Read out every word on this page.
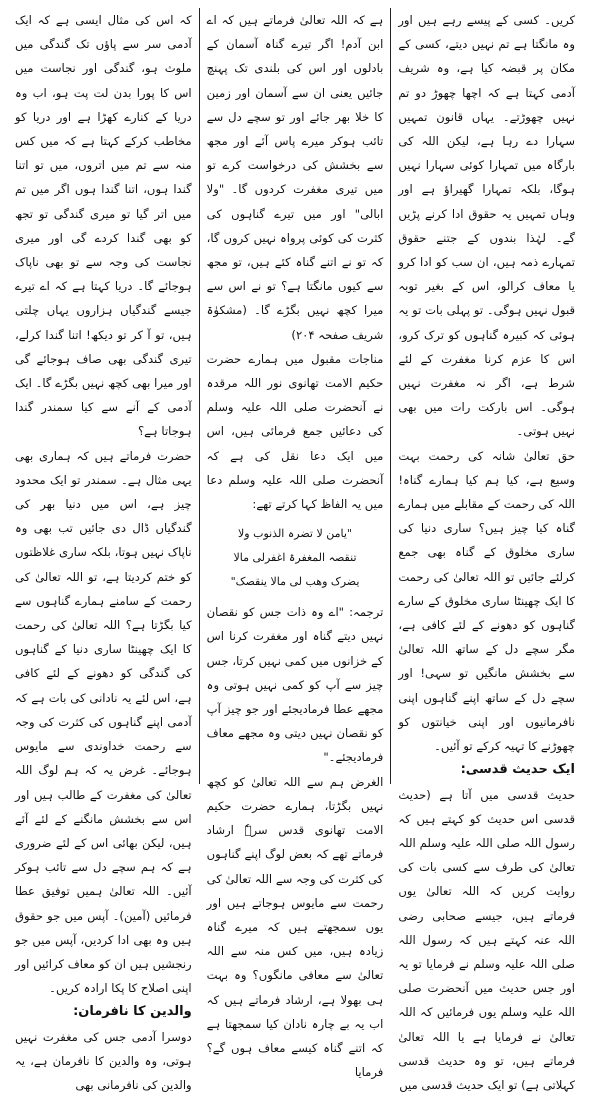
کریں۔ کسی کے پیسے رہے ہیں اور وہ مانگتا ہے تم نہیں دیتے، کسی کے مکان پر قبضہ کیا ہے، وہ شریف آدمی کہتا ہے کہ اچھا چھوڑ دو تم نہیں چھوڑتے۔ یہاں قانون تمہیں سہارا دے رہا ہے، لیکن اللہ کی بارگاہ میں تمہارا کوئی سہارا نہیں ہوگا، بلکہ تمہارا گھیراؤ ہے اور وہاں تمہیں یہ حقوق ادا کرنے پڑیں گے۔ لہٰذا بندوں کے جتنے حقوق تمہارے ذمہ ہیں، ان سب کو ادا کرو یا معاف کرالو، اس کے بغیر توبہ قبول نہیں ہوگی۔ تو پہلی بات تو یہ ہوئی کہ کبیرہ گناہوں کو ترک کرو، اس کا عزم کرنا مغفرت کے لئے شرط ہے، اگر نہ مغفرت نہیں ہوگی۔ اس بارکت رات میں بھی نہیں ہوتی۔

حق تعالیٰ شانہ کی رحمت بہت وسیع ہے، کیا ہم کیا ہمارے گناہ! اللہ کی رحمت کے مقابلے میں ہمارے گناہ کیا چیز ہیں؟ ساری دنیا کی ساری مخلوق کے گناہ بھی جمع کرلئے جائیں تو اللہ تعالیٰ کی رحمت کا ایک چھینٹا ساری مخلوق کے سارے گناہوں کو دھونے کے لئے کافی ہے، مگر سچے دل کے ساتھ اللہ تعالیٰ سے بخشش مانگیں تو سہی! اور سچے دل کے ساتھ اپنے گناہوں اپنی نافرمانیوں اور اپنی خیانتوں کو چھوڑنے کا تہیہ کرکے تو آئیں۔

ایک حدیث قدسی:

حدیث قدسی میں آتا ہے (حدیث قدسی اس حدیث کو کہتے ہیں کہ رسول اللہ صلی اللہ علیہ وسلم اللہ تعالیٰ کی طرف سے کسی بات کی روایت کریں کہ اللہ تعالیٰ یوں فرماتے ہیں، جیسے صحابی رضی اللہ عنہ کہتے ہیں کہ رسول اللہ صلی اللہ علیہ وسلم نے فرمایا تو یہ اور جس حدیث میں آنحضرت صلی اللہ علیہ وسلم یوں فرمائیں کہ اللہ تعالیٰ نے فرمایا ہے یا اللہ تعالیٰ فرماتے ہیں، تو وہ حدیث قدسی کہلاتی ہے) تو ایک حدیث قدسی میں

ہے کہ اللہ تعالیٰ فرماتے ہیں کہ اے ابن آدم! اگر تیرے گناہ آسمان کے بادلوں اور اس کی بلندی تک پہنچ جائیں یعنی ان سے آسمان اور زمین کا خلا بھر جائے اور تو سچے دل سے تائب ہوکر میرے پاس آئے اور مجھ سے بخشش کی درخواست کرے تو میں تیری مغفرت کردوں گا۔ "ولا ابالی" اور میں تیرے گناہوں کی کثرت کی کوئی پرواہ نہیں کروں گا، کہ تو نے اتنے گناہ کئے ہیں، تو مجھ سے کیوں مانگتا ہے؟ تو نے اس سے میرا کچھ نہیں بگڑے گا۔ (مشکوٰۃ شریف صفحہ ۲۰۴)

مناجات مقبول میں ہمارے حضرت حکیم الامت تھانوی نور اللہ مرقدہ نے آنحضرت صلی اللہ علیہ وسلم کی دعائیں جمع فرمائی ہیں، اس میں ایک دعا نقل کی ہے کہ آنحضرت صلی اللہ علیہ وسلم دعا میں یہ الفاظ کہا کرتے تھے:

"یامن لا تضرہ الذنوب ولا

تنقصہ المغفرۃ اغفرلی مالا

یضرک وھب لی مالا ینقصک"

ترجمہ: "اے وہ ذات جس کو نقصان نہیں دیتے گناہ اور مغفرت کرنا اس کے خزانوں میں کمی نہیں کرتا، جس چیز سے آپ کو کمی نہیں ہوتی وہ مجھے عطا فرمادیجئے اور جو چیز آپ کو نقصان نہیں دیتی وہ مجھے معاف فرمادیجئے۔"

الغرض ہم سے اللہ تعالیٰ کو کچھ نہیں بگڑتا، ہمارے حضرت حکیم الامت تھانوی قدس سرہٗ ارشاد فرماتے تھے کہ بعض لوگ اپنے گناہوں کی کثرت کی وجہ سے اللہ تعالیٰ کی رحمت سے مایوس ہوجاتے ہیں اور یوں سمجھتے ہیں کہ میرے گناہ زیادہ ہیں، میں کس منہ سے اللہ تعالیٰ سے معافی مانگوں؟ وہ بہت ہی بھولا ہے، ارشاد فرماتے ہیں کہ اب یہ بے چارہ نادان کیا سمجھتا ہے کہ اتنے گناہ کیسے معاف ہوں گے؟ فرمایا

کہ اس کی مثال ایسی ہے کہ ایک آدمی سر سے پاؤں تک گندگی میں ملوث ہو، گندگی اور نجاست میں اس کا پورا بدن لت پت ہو، اب وہ دریا کے کنارے کھڑا ہے اور دریا کو مخاطب کرکے کہتا ہے کہ میں کس منہ سے تم میں اتروں، میں تو اتنا گندا ہوں، اتنا گندا ہوں اگر میں تم میں اتر گیا تو میری گندگی تو تجھ کو بھی گندا کردے گی اور میری نجاست کی وجہ سے تو بھی ناپاک ہوجائے گا۔ دریا کہتا ہے کہ اے تیرے جیسے گندگیاں ہزاروں یہاں چلتی ہیں، تو آ کر تو دیکھ! اتنا گندا کرلے، تیری گندگی بھی صاف ہوجائے گی اور میرا بھی کچھ نہیں بگڑے گا۔ ایک آدمی کے آنے سے کیا سمندر گندا ہوجاتا ہے؟

حضرت فرماتے ہیں کہ ہماری بھی یہی مثال ہے۔ سمندر تو ایک محدود چیز ہے، اس میں دنیا بھر کی گندگیاں ڈال دی جائیں تب بھی وہ ناپاک نہیں ہوتا، بلکہ ساری غلاظتوں کو ختم کردیتا ہے، تو اللہ تعالیٰ کی رحمت کے سامنے ہمارے گناہوں سے کیا بگڑتا ہے؟ اللہ تعالیٰ کی رحمت کا ایک چھینٹا ساری دنیا کے گناہوں کی گندگی کو دھونے کے لئے کافی ہے، اس لئے یہ نادانی کی بات ہے کہ آدمی اپنے گناہوں کی کثرت کی وجہ سے رحمت خداوندی سے مایوس ہوجائے۔ غرض یہ کہ ہم لوگ اللہ تعالیٰ کی مغفرت کے طالب ہیں اور اس سے بخشش مانگنے کے لئے آئے ہیں، لیکن بھائی اس کے لئے ضروری ہے کہ ہم سچے دل سے تائب ہوکر آئیں۔ اللہ تعالیٰ ہمیں توفیق عطا فرمائیں (آمین)۔ آپس میں جو حقوق ہیں وہ بھی ادا کردیں، آپس میں جو رنجشیں ہیں ان کو معاف کرائیں اور اپنی اصلاح کا پکا ارادہ کریں۔

والدین کا نافرمان:

دوسرا آدمی جس کی مغفرت نہیں ہوتی، وہ والدین کا نافرمان ہے، یہ والدین کی نافرمانی بھی
